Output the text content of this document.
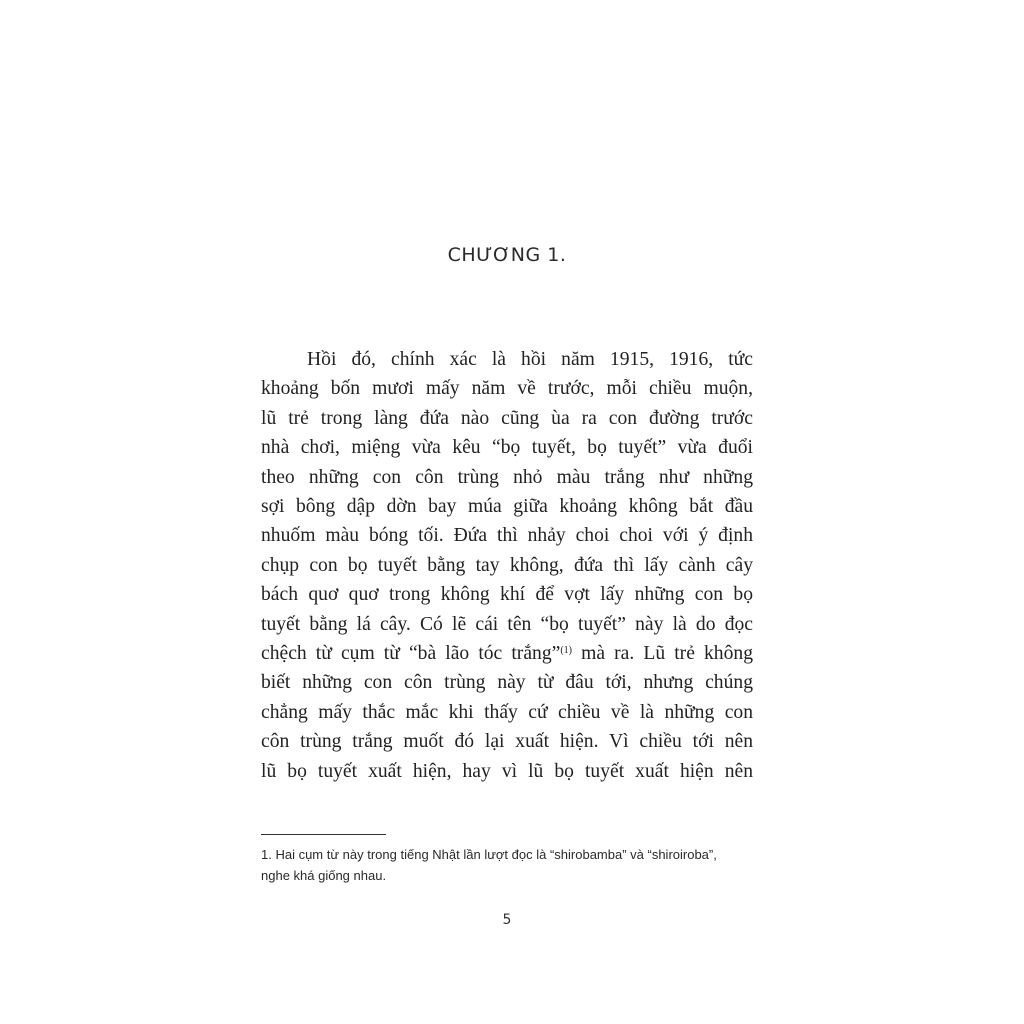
CHƯƠNG 1.
Hồi đó, chính xác là hồi năm 1915, 1916, tức
khoảng bốn mươi mấy năm về trước, mỗi chiều muộn,
lũ trẻ trong làng đứa nào cũng ùa ra con đường trước
nhà chơi, miệng vừa kêu “bọ tuyết, bọ tuyết” vừa đuổi
theo những con côn trùng nhỏ màu trắng như những
sợi bông dập dờn bay múa giữa khoảng không bắt đầu
nhuốm màu bóng tối. Đứa thì nhảy choi choi với ý định
chụp con bọ tuyết bằng tay không, đứa thì lấy cành cây
bách quơ quơ trong không khí để vợt lấy những con bọ
tuyết bằng lá cây. Có lẽ cái tên “bọ tuyết” này là do đọc
chệch từ cụm từ “bà lão tóc trắng”$^{(1)}$ mà ra. Lũ trẻ không
biết những con côn trùng này từ đâu tới, nhưng chúng
chẳng mấy thắc mắc khi thấy cứ chiều về là những con
côn trùng trắng muốt đó lại xuất hiện. Vì chiều tới nên
lũ bọ tuyết xuất hiện, hay vì lũ bọ tuyết xuất hiện nên
1. Hai cụm từ này trong tiếng Nhật lần lượt đọc là “shirobamba” và “shiroiroba”,
nghe khá giống nhau.
5
